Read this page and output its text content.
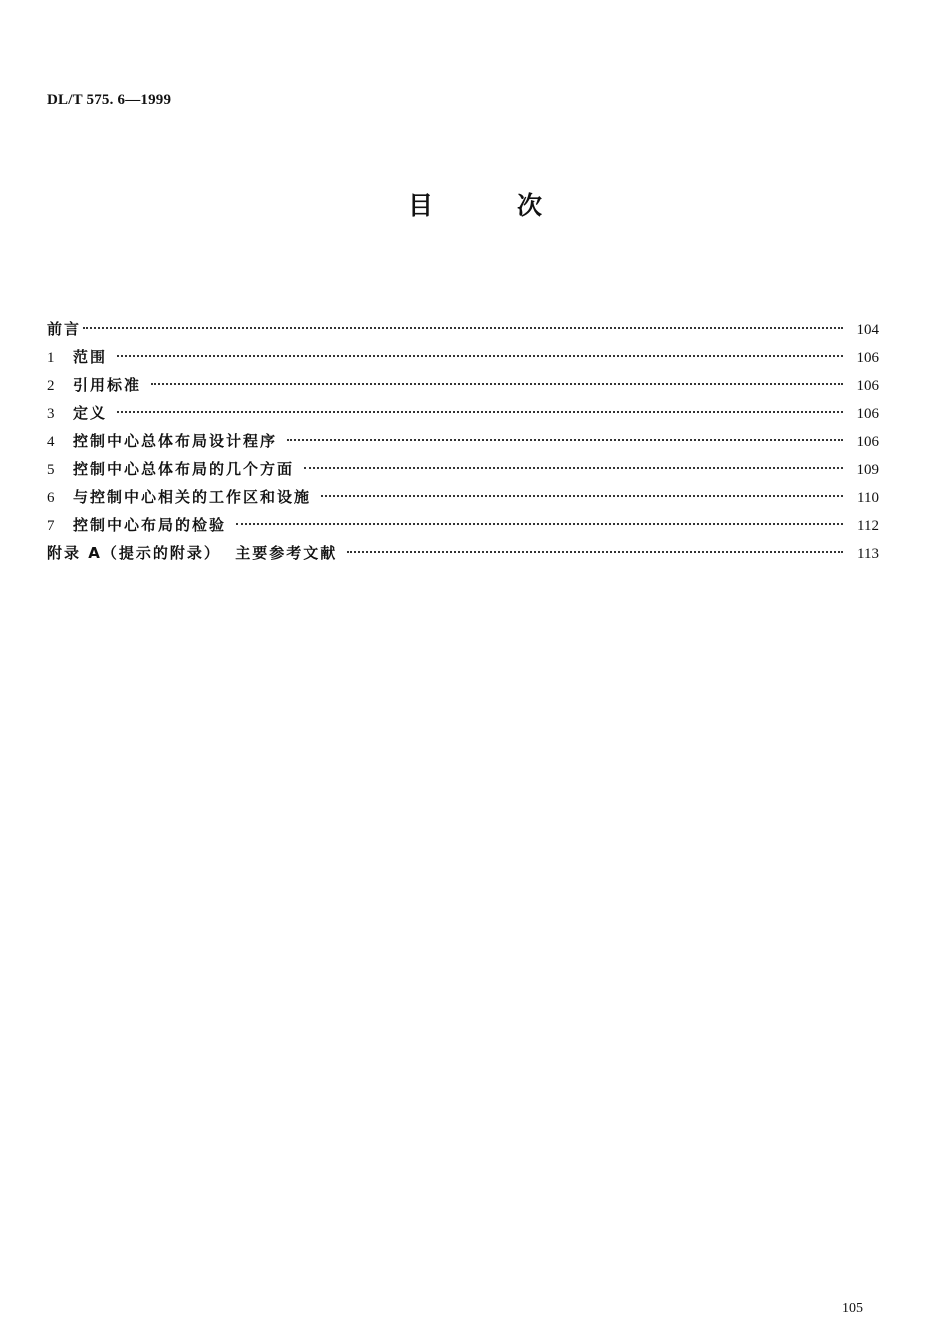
DL/T 575. 6—1999
目次
前言	104
1	范围	106
2	引用标准	106
3	定义	106
4	控制中心总体布局设计程序	106
5	控制中心总体布局的几个方面	109
6	与控制中心相关的工作区和设施	110
7	控制中心布局的检验	112
附录 A（提示的附录）  主要参考文献	113
105
